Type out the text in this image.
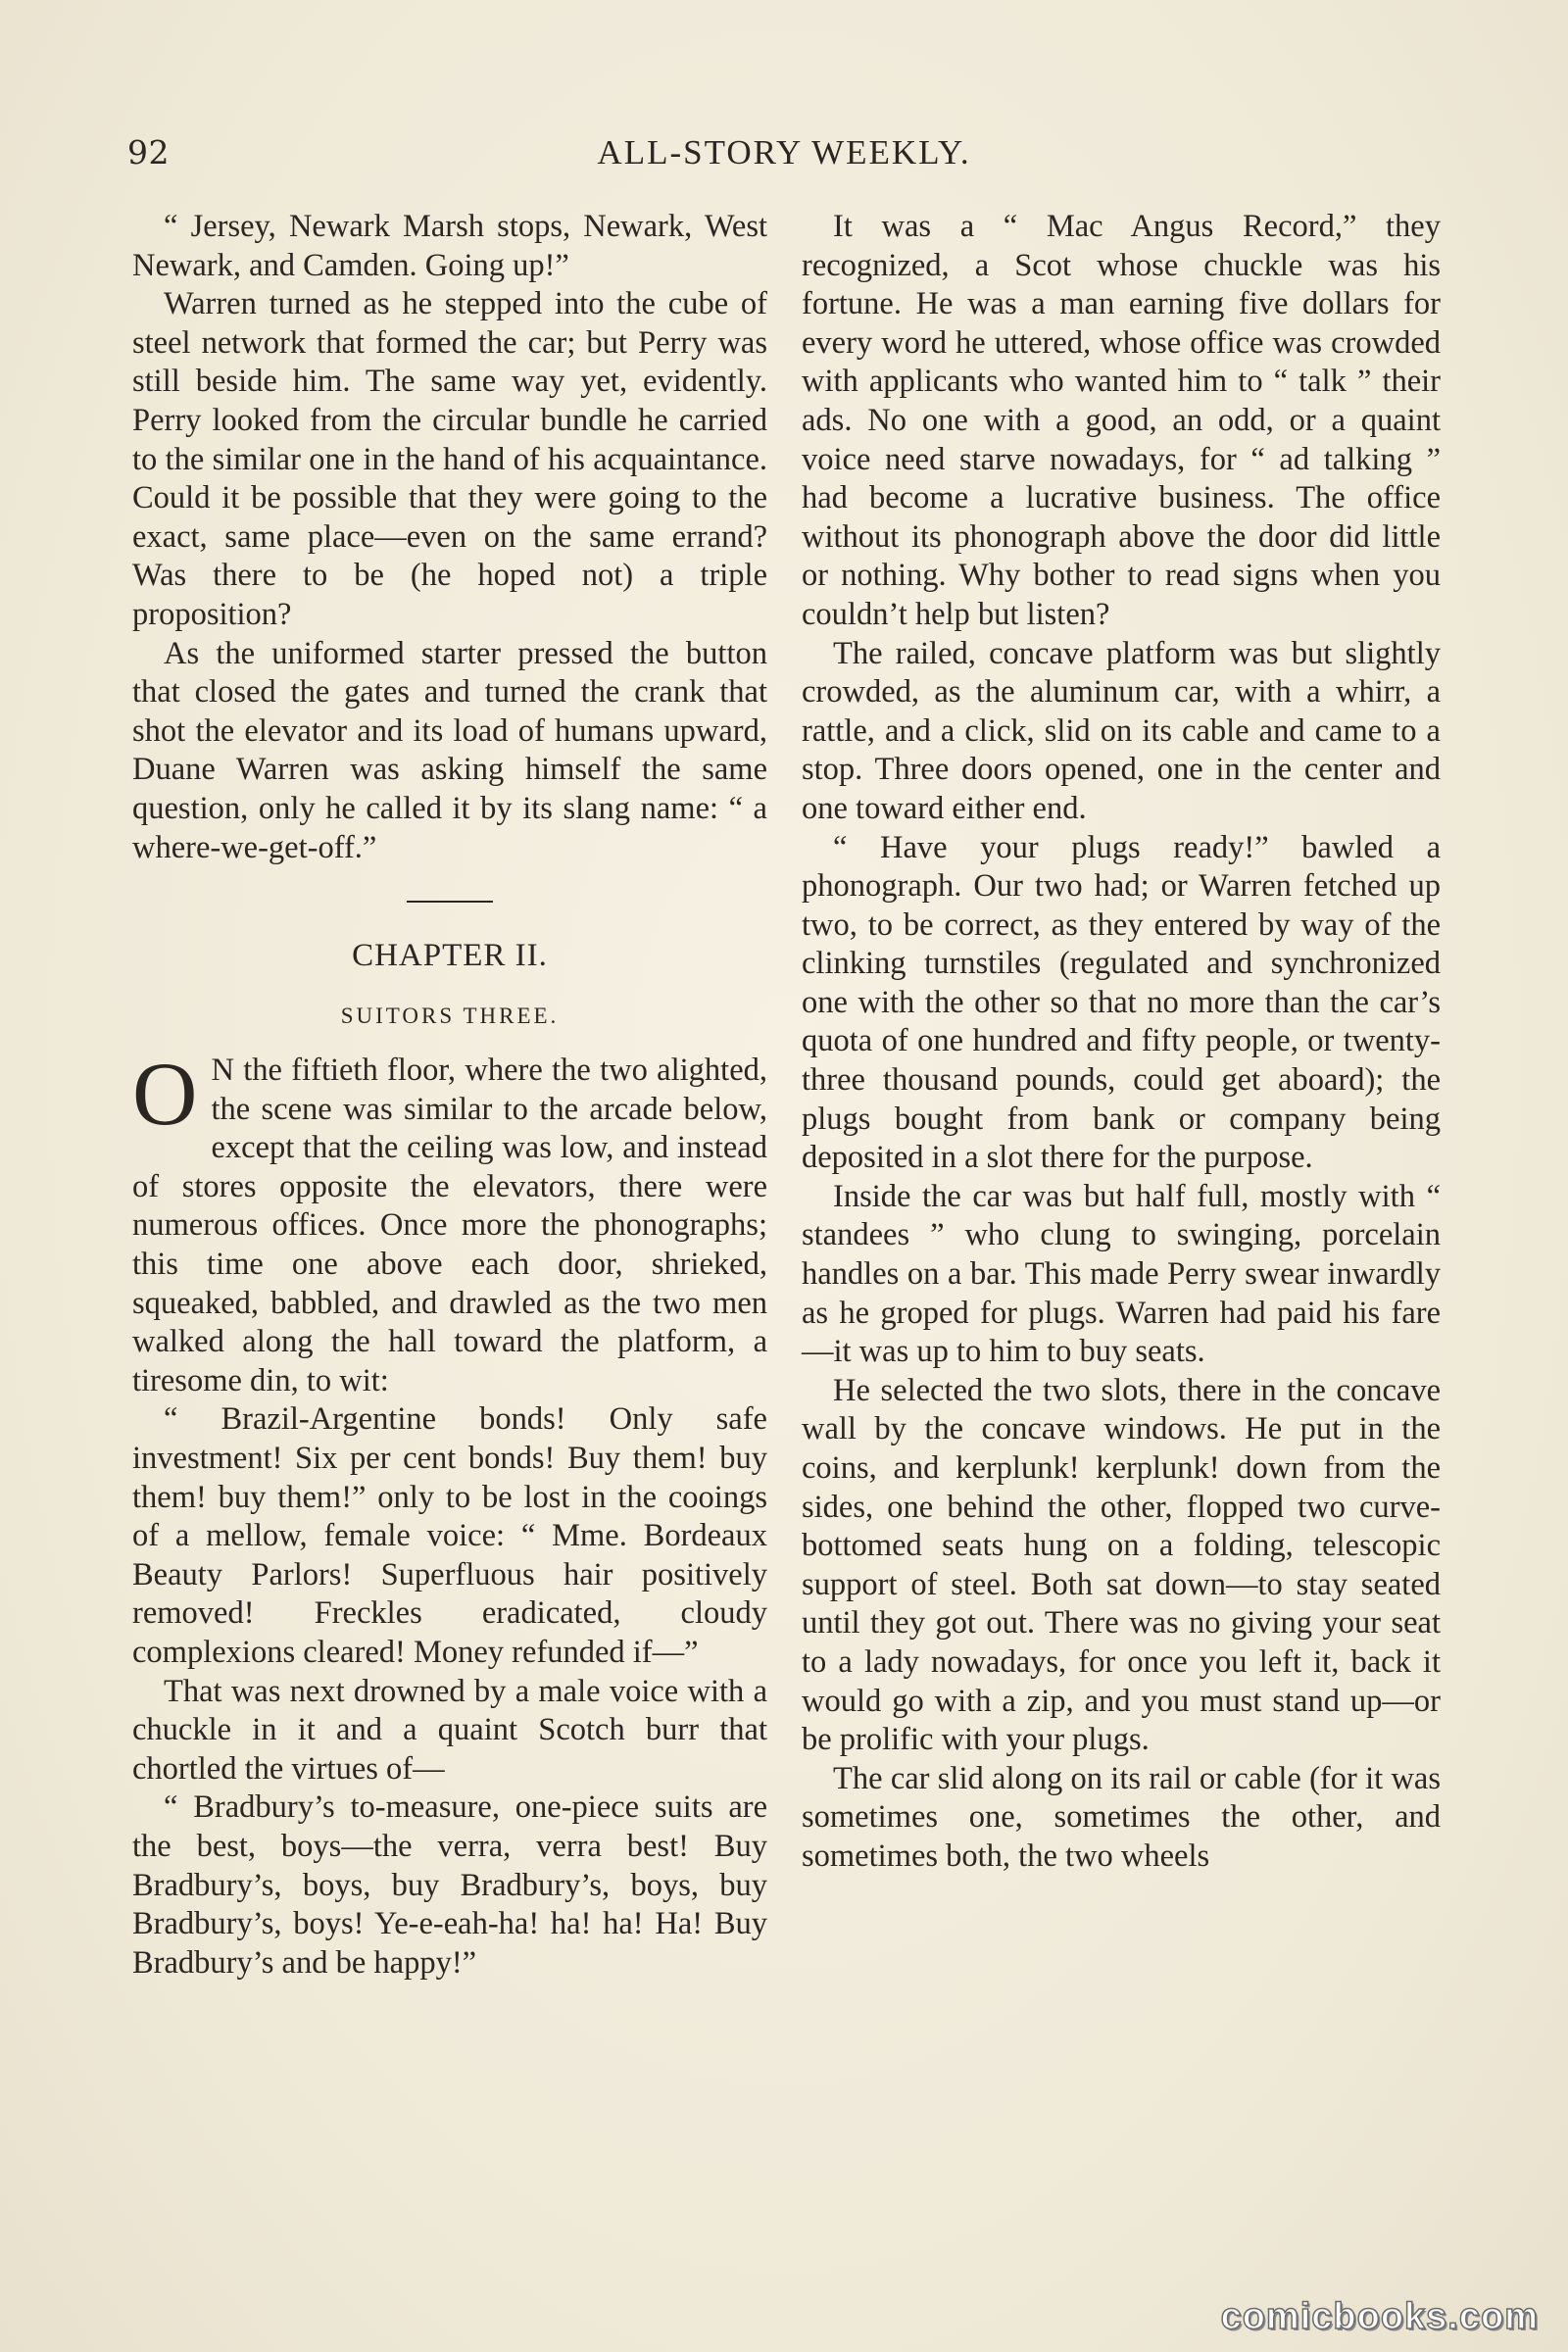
92	ALL-STORY WEEKLY.

“ Jersey, Newark Marsh stops, Newark, West Newark, and Camden. Going up!”

Warren turned as he stepped into the cube of steel network that formed the car; but Perry was still beside him. The same way yet, evidently. Perry looked from the circular bundle he carried to the similar one in the hand of his acquaintance. Could it be possible that they were going to the exact, same place—even on the same errand? Was there to be (he hoped not) a triple proposition?

As the uniformed starter pressed the button that closed the gates and turned the crank that shot the elevator and its load of humans upward, Duane Warren was asking himself the same question, only he called it by its slang name: “ a where-we-get-off.”

CHAPTER II.
SUITORS THREE.

O N the fiftieth floor, where the two alighted, the scene was similar to the arcade below, except that the ceiling was low, and instead of stores opposite the elevators, there were numerous offices. Once more the phonographs; this time one above each door, shrieked, squeaked, babbled, and drawled as the two men walked along the hall toward the platform, a tiresome din, to wit:

“ Brazil-Argentine bonds! Only safe investment! Six per cent bonds! Buy them! buy them! buy them!” only to be lost in the cooings of a mellow, female voice: “ Mme. Bordeaux Beauty Parlors! Superfluous hair positively removed! Freckles eradicated, cloudy complexions cleared! Money refunded if—”

That was next drowned by a male voice with a chuckle in it and a quaint Scotch burr that chortled the virtues of—

“ Bradbury’s to-measure, one-piece suits are the best, boys—the verra, verra best! Buy Bradbury’s, boys, buy Bradbury’s, boys, buy Bradbury’s, boys! Ye-e-eah-ha! ha! ha! Ha! Buy Bradbury’s and be happy!”

It was a “ Mac Angus Record,” they recognized, a Scot whose chuckle was his fortune. He was a man earning five dollars for every word he uttered, whose office was crowded with applicants who wanted him to “ talk ” their ads. No one with a good, an odd, or a quaint voice need starve nowadays, for “ ad talking ” had become a lucrative business. The office without its phonograph above the door did little or nothing. Why bother to read signs when you couldn’t help but listen?

The railed, concave platform was but slightly crowded, as the aluminum car, with a whirr, a rattle, and a click, slid on its cable and came to a stop. Three doors opened, one in the center and one toward either end.

“ Have your plugs ready!” bawled a phonograph. Our two had; or Warren fetched up two, to be correct, as they entered by way of the clinking turnstiles (regulated and synchronized one with the other so that no more than the car’s quota of one hundred and fifty people, or twenty-three thousand pounds, could get aboard); the plugs bought from bank or company being deposited in a slot there for the purpose.

Inside the car was but half full, mostly with “ standees ” who clung to swinging, porcelain handles on a bar. This made Perry swear inwardly as he groped for plugs. Warren had paid his fare—it was up to him to buy seats.

He selected the two slots, there in the concave wall by the concave windows. He put in the coins, and kerplunk! kerplunk! down from the sides, one behind the other, flopped two curve-bottomed seats hung on a folding, telescopic support of steel. Both sat down—to stay seated until they got out. There was no giving your seat to a lady nowadays, for once you left it, back it would go with a zip, and you must stand up—or be prolific with your plugs.

The car slid along on its rail or cable (for it was sometimes one, sometimes the other, and sometimes both, the two wheels

comicbooks.com
